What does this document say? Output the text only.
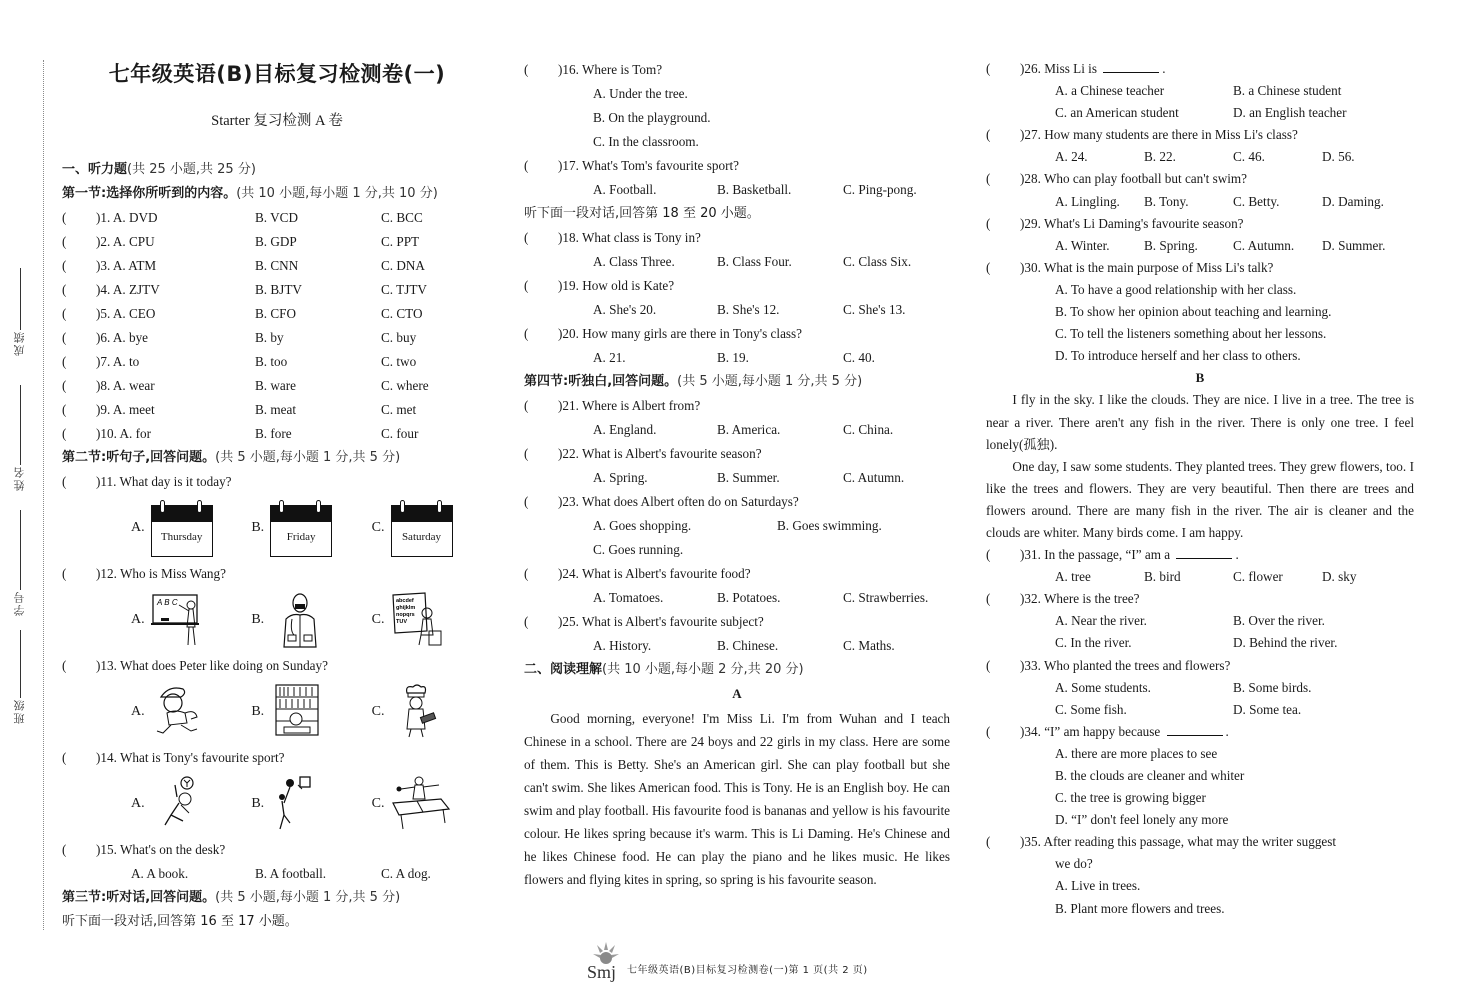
成绩
姓名
学号
班级
七年级英语(B)目标复习检测卷(一)
Starter 复习检测 A 卷
一、听力题(共 25 小题,共 25 分)
第一节:选择你所听到的内容。(共 10 小题,每小题 1 分,共 10 分)
( )1. A. DVD	B. VCD	C. BCC
( )2. A. CPU	B. GDP	C. PPT
( )3. A. ATM	B. CNN	C. DNA
( )4. A. ZJTV	B. BJTV	C. TJTV
( )5. A. CEO	B. CFO	C. CTO
( )6. A. bye	B. by	C. buy
( )7. A. to	B. too	C. two
( )8. A. wear	B. ware	C. where
( )9. A. meet	B. meat	C. met
( )10. A. for	B. fore	C. four
第二节:听句子,回答问题。(共 5 小题,每小题 1 分,共 5 分)
(	) 11. What day is it today?
A.
Thursday
B.
Friday
C.
Saturday
(	) 12. Who is Miss Wang?
A.
A B C
B.	C.
abcdef
ghijklm
nopqrs
TUV
(	) 13. What does Peter like doing on Sunday?
A.	B.	C.
(	) 14. What is Tony's favourite sport?
A.	B.	C.
(	) 15. What's on the desk?
A. A book.	B. A football.	C. A dog.
第三节:听对话,回答问题。(共 5 小题,每小题 1 分,共 5 分)
听下面一段对话,回答第 16 至 17 小题。
(	) 16. Where is Tom?
A. Under the tree.
B. On the playground.
C. In the classroom.
(	) 17. What's Tom's favourite sport?
A. Football.	B. Basketball.	C. Ping-pong.
听下面一段对话,回答第 18 至 20 小题。
(	) 18. What class is Tony in?
A. Class Three.	B. Class Four.	C. Class Six.
(	) 19. How old is Kate?
A. She's 20.	B. She's 12.	C. She's 13.
(	) 20. How many girls are there in Tony's class?
A. 21.	B. 19.	C. 40.
第四节:听独白,回答问题。(共 5 小题,每小题 1 分,共 5 分)
(	) 21. Where is Albert from?
A. England.	B. America.	C. China.
(	) 22. What is Albert's favourite season?
A. Spring.	B. Summer.	C. Autumn.
(	) 23. What does Albert often do on Saturdays?
A. Goes shopping.	B. Goes swimming.
C. Goes running.
(	) 24. What is Albert's favourite food?
A. Tomatoes.	B. Potatoes.	C. Strawberries.
(	) 25. What is Albert's favourite subject?
A. History.	B. Chinese.	C. Maths.
二、阅读理解(共 10 小题,每小题 2 分,共 20 分)
A

Good morning, everyone! I'm Miss Li. I'm from Wuhan and I teach Chinese in a school. There are 24 boys and 22 girls in my class. Here are some of them. This is Betty. She's an American girl. She can play football but she can't swim. She likes American food. This is Tony. He is an English boy. He can swim and play football. His favourite food is bananas and yellow is his favourite colour. He likes spring because it's warm. This is Li Daming. He's Chinese and he likes Chinese food. He can play the piano and he likes music. He likes flowers and flying kites in spring, so spring is his favourite season.

(	) 26. Miss Li is	.
A. a Chinese teacher	B. a Chinese student
C. an American student	D. an English teacher
(	) 27. How many students are there in Miss Li's class?
A. 24.	B. 22.	C. 46.	D. 56.
(	) 28. Who can play football but can't swim?
A. Lingling.	B. Tony.	C. Betty.	D. Daming.
(	) 29. What's Li Daming's favourite season?
A. Winter.	B. Spring.	C. Autumn.	D. Summer.
(	) 30. What is the main purpose of Miss Li's talk?
A. To have a good relationship with her class.
B. To show her opinion about teaching and learning.
C. To tell the listeners something about her lessons.
D. To introduce herself and her class to others.
B

I fly in the sky. I like the clouds. They are nice. I live in a tree. The tree is near a river. There aren't any fish in the river. There is only one tree. I feel lonely(孤独).

One day, I saw some students. They planted trees. They grew flowers, too. I like the trees and flowers. They are very beautiful. Then there are trees and flowers around. There are many fish in the river. The air is cleaner and the clouds are whiter. Many birds come. I am happy.

(	) 31. In the passage, “I” am a	.
A. tree	B. bird	C. flower	D. sky
(	) 32. Where is the tree?
A. Near the river.	B. Over the river.
C. In the river.	D. Behind the river.
(	) 33. Who planted the trees and flowers?
A. Some students.	B. Some birds.
C. Some fish.	D. Some tea.
(	) 34. “I” am happy because	.
A. there are more places to see
B. the clouds are cleaner and whiter
C. the tree is growing bigger
D. “I” don't feel lonely any more
(	) 35. After reading this passage, what may the writer suggest
we do?
A. Live in trees.
B. Plant more flowers and trees.
Smj 七年级英语(B)目标复习检测卷(一)第 1 页(共 2 页)
